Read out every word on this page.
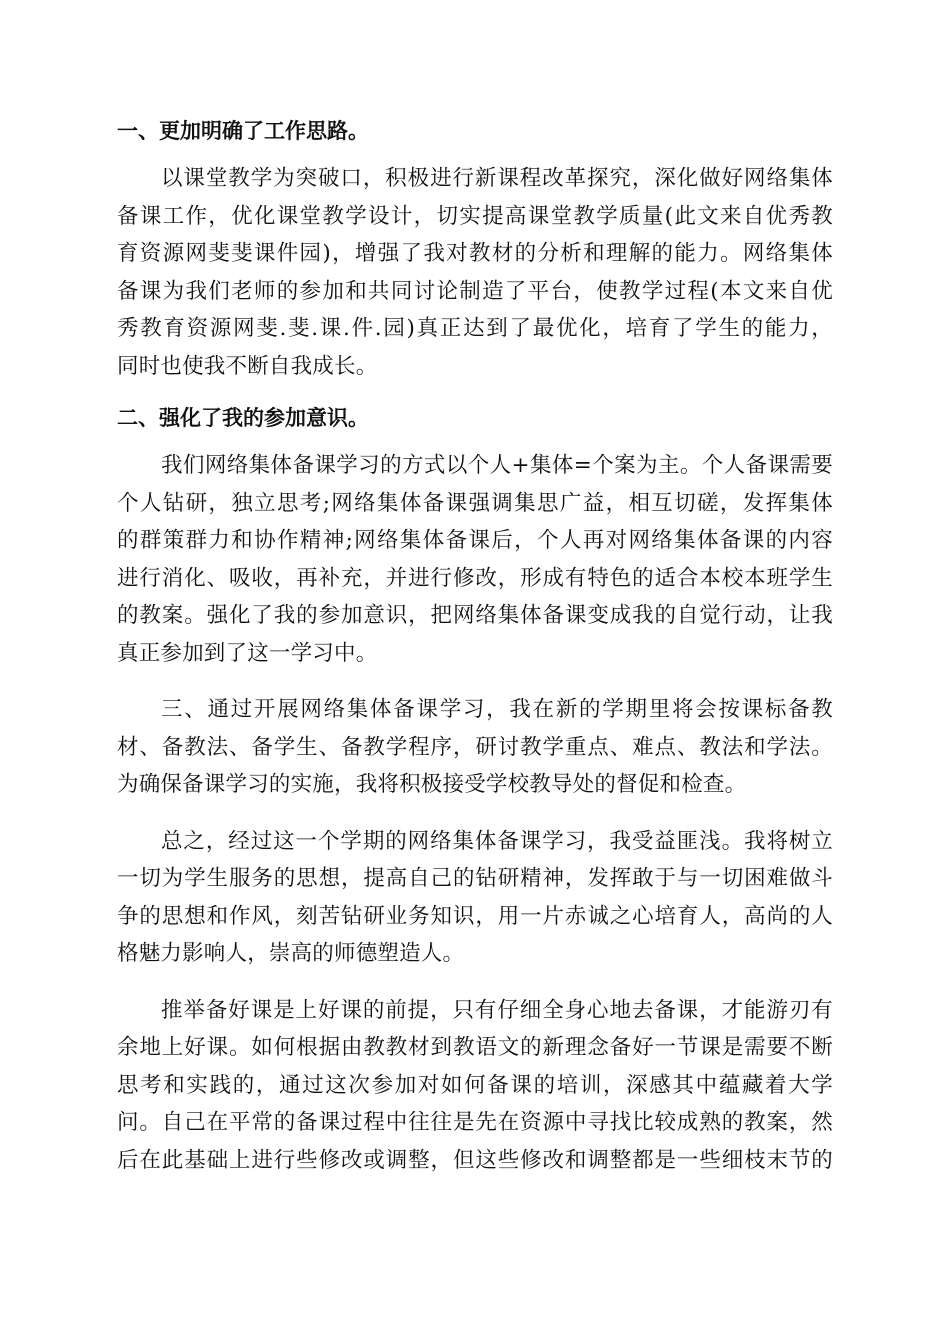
一、更加明确了工作思路。
以课堂教学为突破口，积极进行新课程改革探究，深化做好网络集体
备课工作，优化课堂教学设计，切实提高课堂教学质量(此文来自优秀教
育资源网斐斐课件园)，增强了我对教材的分析和理解的能力。网络集体
备课为我们老师的参加和共同讨论制造了平台，使教学过程(本文来自优
秀教育资源网斐.斐.课.件.园)真正达到了最优化，培育了学生的能力，
同时也使我不断自我成长。
二、强化了我的参加意识。
我们网络集体备课学习的方式以个人+集体=个案为主。个人备课需要
个人钻研，独立思考;网络集体备课强调集思广益，相互切磋，发挥集体
的群策群力和协作精神;网络集体备课后，个人再对网络集体备课的内容
进行消化、吸收，再补充，并进行修改，形成有特色的适合本校本班学生
的教案。强化了我的参加意识，把网络集体备课变成我的自觉行动，让我
真正参加到了这一学习中。
三、通过开展网络集体备课学习，我在新的学期里将会按课标备教
材、备教法、备学生、备教学程序，研讨教学重点、难点、教法和学法。
为确保备课学习的实施，我将积极接受学校教导处的督促和检查。
总之，经过这一个学期的网络集体备课学习，我受益匪浅。我将树立
一切为学生服务的思想，提高自己的钻研精神，发挥敢于与一切困难做斗
争的思想和作风，刻苦钻研业务知识，用一片赤诚之心培育人，高尚的人
格魅力影响人，崇高的师德塑造人。
推举备好课是上好课的前提，只有仔细全身心地去备课，才能游刃有
余地上好课。如何根据由教教材到教语文的新理念备好一节课是需要不断
思考和实践的，通过这次参加对如何备课的培训，深感其中蕴藏着大学
问。自己在平常的备课过程中往往是先在资源中寻找比较成熟的教案，然
后在此基础上进行些修改或调整，但这些修改和调整都是一些细枝末节的
